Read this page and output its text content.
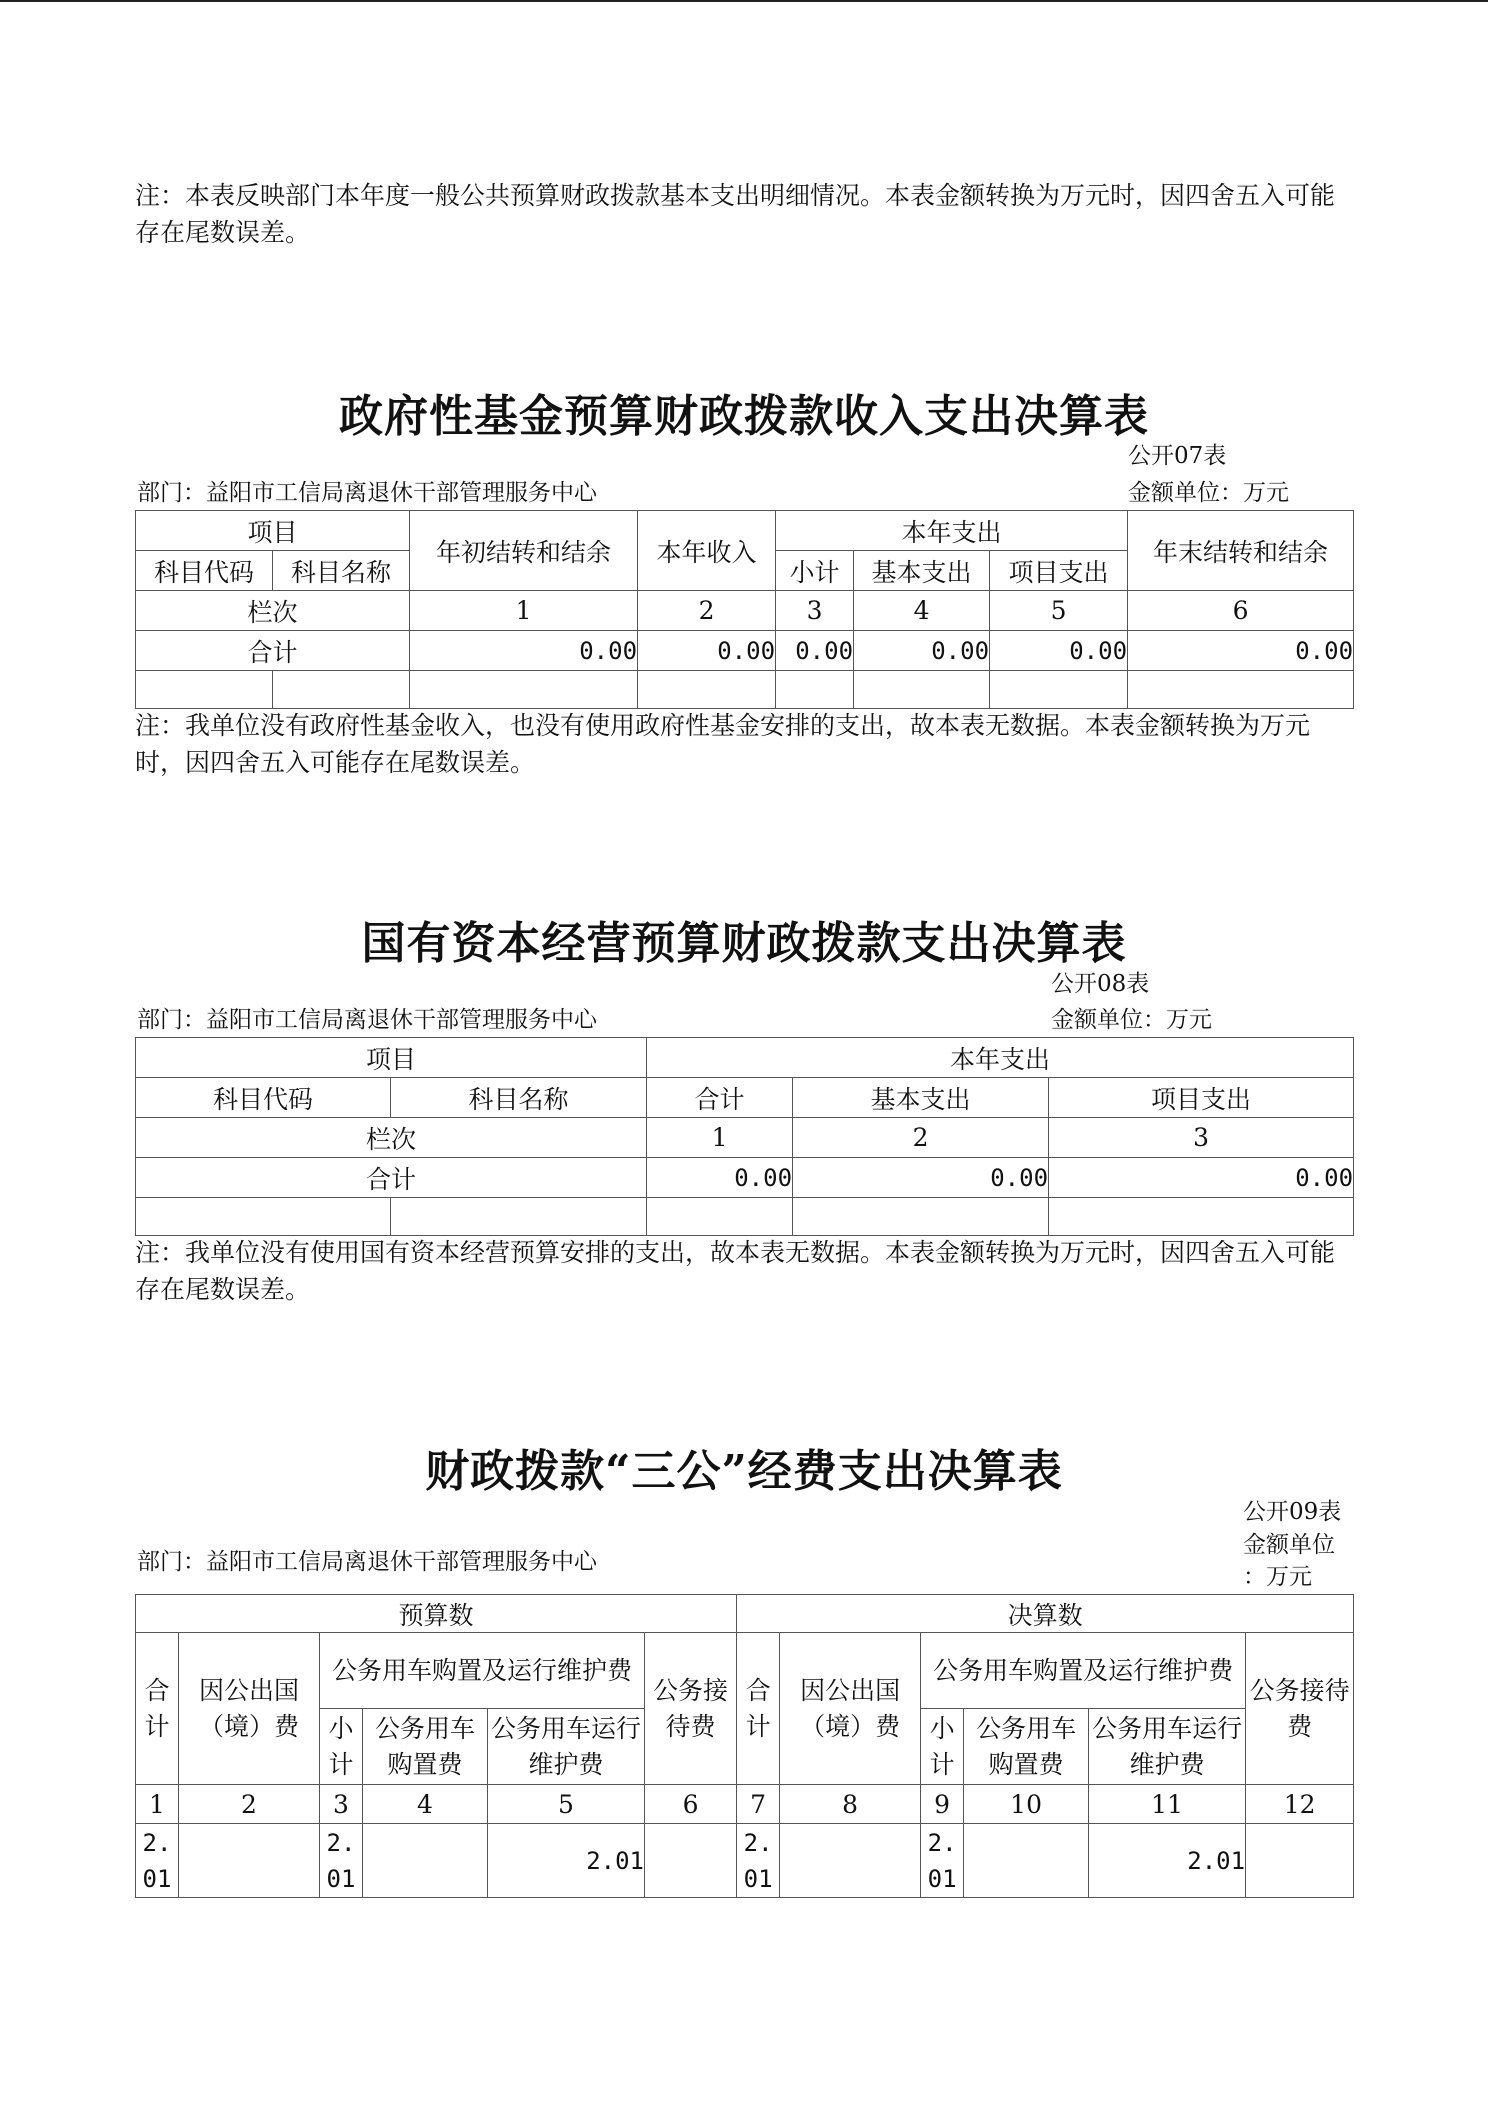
注：本表反映部门本年度一般公共预算财政拨款基本支出明细情况。本表金额转换为万元时，因四舍五入可能存在尾数误差。

政府性基金预算财政拨款收入支出决算表

公开07表

部门：益阳市工信局离退休干部管理服务中心	金额单位：万元

项目		年初结转和结余	本年收入	本年支出			年末结转和结余
科目代码	科目名称			小计	基本支出	项目支出	
栏次		1	2	3	4	5	6
合计		0.00	0.00	0.00	0.00	0.00	0.00

注：我单位没有政府性基金收入，也没有使用政府性基金安排的支出，故本表无数据。本表金额转换为万元时，因四舍五入可能存在尾数误差。

国有资本经营预算财政拨款支出决算表

公开08表

部门：益阳市工信局离退休干部管理服务中心	金额单位：万元

项目		本年支出		
科目代码	科目名称	合计	基本支出	项目支出
栏次		1	2	3
合计		0.00	0.00	0.00

注：我单位没有使用国有资本经营预算安排的支出，故本表无数据。本表金额转换为万元时，因四舍五入可能存在尾数误差。

财政拨款“三公”经费支出决算表

公开09表

金额单位

：万元

部门：益阳市工信局离退休干部管理服务中心

预算数						决算数					
合计	因公出国（境）费	公务用车购置及运行维护费			公务接待费	合计	因公出国（境）费	公务用车购置及运行维护费			公务接待费
		小计	公务用车购置费	公务用车运行维护费				小计	公务用车购置费	公务用车运行维护费	
1	2	3	4	5	6	7	8	9	10	11	12
2.01		2.01		2.01		2.01		2.01		2.01	
